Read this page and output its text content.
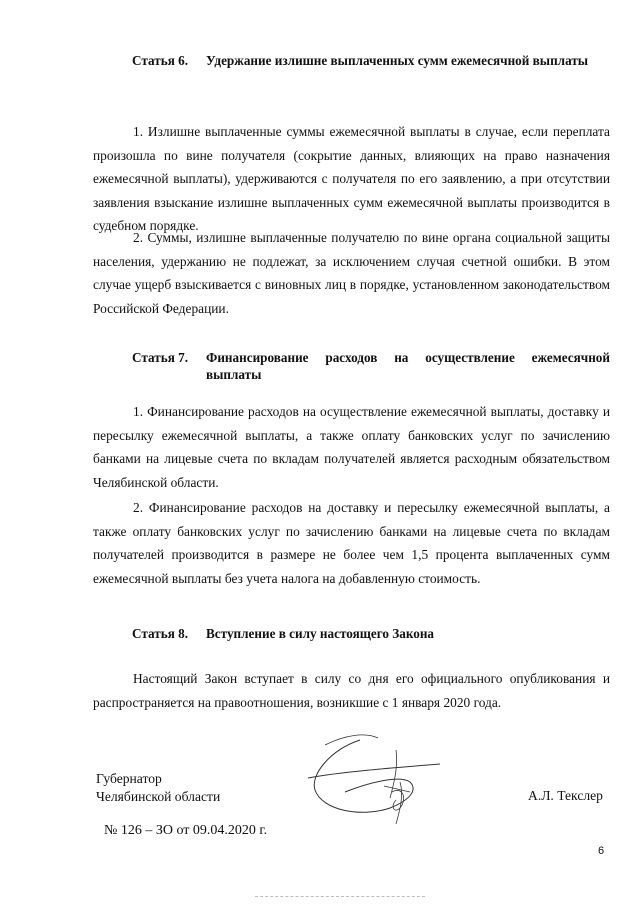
Статья 6.	Удержание излишне выплаченных сумм ежемесячной выплаты

1. Излишне выплаченные суммы ежемесячной выплаты в случае, если переплата произошла по вине получателя (сокрытие данных, влияющих на право назначения ежемесячной выплаты), удерживаются с получателя по его заявлению, а при отсутствии заявления взыскание излишне выплаченных сумм ежемесячной выплаты производится в судебном порядке.

2. Суммы, излишне выплаченные получателю по вине органа социальной защиты населения, удержанию не подлежат, за исключением случая счетной ошибки. В этом случае ущерб взыскивается с виновных лиц в порядке, установленном законодательством Российской Федерации.

Статья 7.	Финансирование расходов на осуществление ежемесячной выплаты

1. Финансирование расходов на осуществление ежемесячной выплаты, доставку и пересылку ежемесячной выплаты, а также оплату банковских услуг по зачислению банками на лицевые счета по вкладам получателей является расходным обязательством Челябинской области.

2. Финансирование расходов на доставку и пересылку ежемесячной выплаты, а также оплату банковских услуг по зачислению банками на лицевые счета по вкладам получателей производится в размере не более чем 1,5 процента выплаченных сумм ежемесячной выплаты без учета налога на добавленную стоимость.

Статья 8.	Вступление в силу настоящего Закона

Настоящий Закон вступает в силу со дня его официального опубликования и распространяется на правоотношения, возникшие с 1 января 2020 года.

Губернатор
Челябинской области	А.Л. Текслер
№ 126 – ЗО от 09.04.2020 г.
6
